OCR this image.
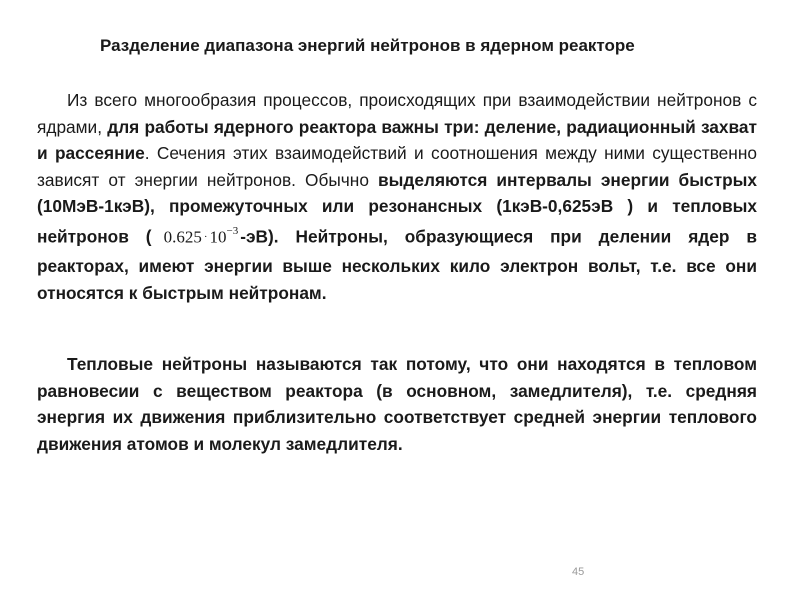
Разделение диапазона энергий нейтронов в ядерном реакторе

Из всего многообразия процессов, происходящих при взаимодействии нейтронов с ядрами, для работы ядерного реактора важны три: деление, радиационный захват и рассеяние. Сечения этих взаимодействий и соотношения между ними существенно зависят от энергии нейтронов. Обычно выделяются интервалы энергии быстрых (10МэВ-1кэВ), промежуточных или резонансных (1кэВ-0,625эВ ) и тепловых нейтронов ( $0.625 \cdot 10^{-3}$ -эВ). Нейтроны, образующиеся при делении ядер в реакторах, имеют энергии выше нескольких кило электрон вольт, т.е. все они относятся к быстрым нейтронам.

Тепловые нейтроны называются так потому, что они находятся в тепловом равновесии с веществом реактора (в основном, замедлителя), т.е. средняя энергия их движения приблизительно соответствует средней энергии теплового движения атомов и молекул замедлителя.

45
